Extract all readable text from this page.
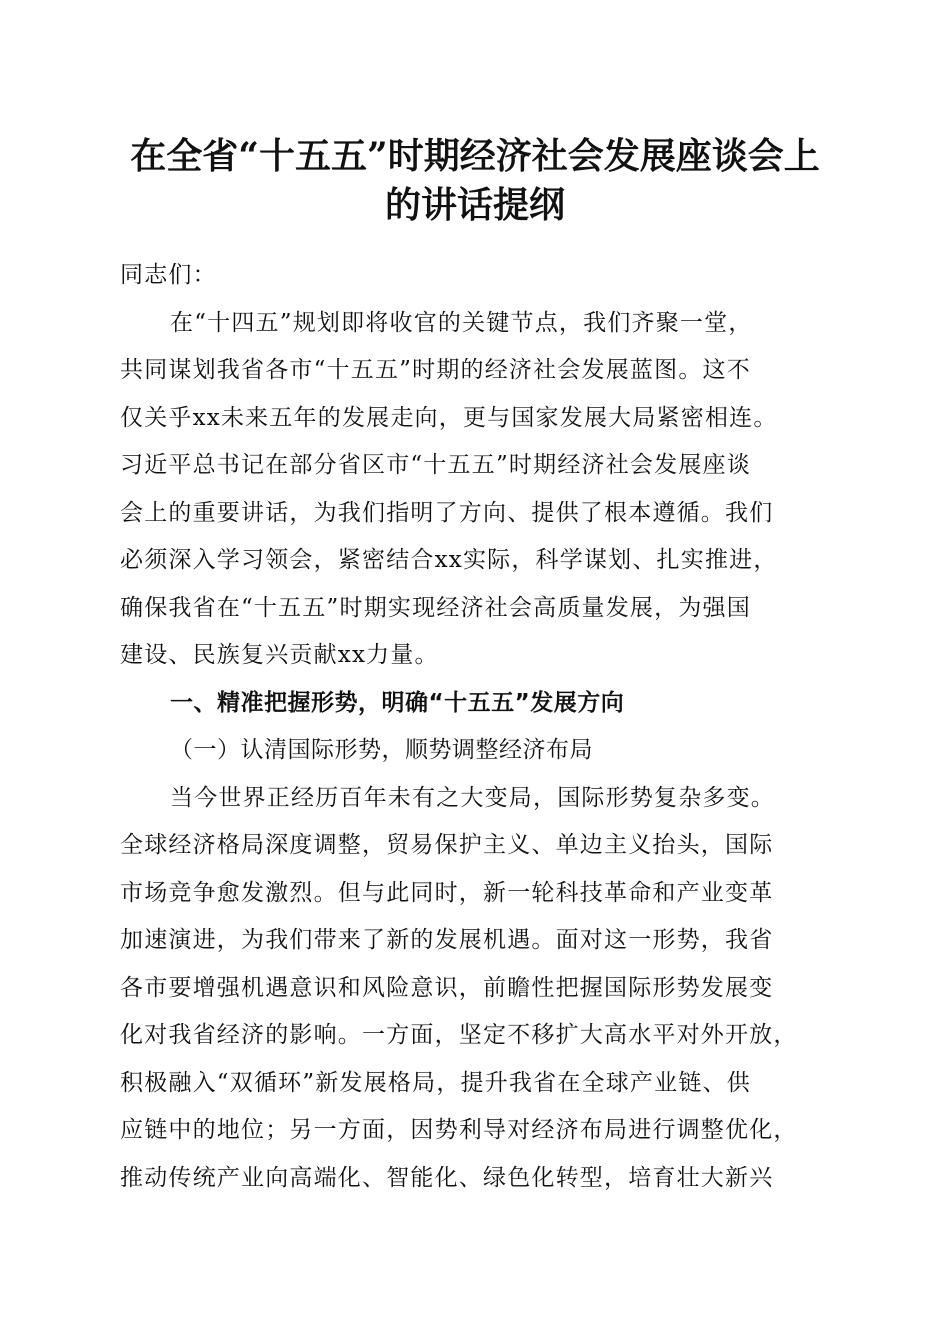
在全省“十五五”时期经济社会发展座谈会上
的讲话提纲

同志们：

在“十四五”规划即将收官的关键节点，我们齐聚一堂，

共同谋划我省各市“十五五”时期的经济社会发展蓝图。这不

仅关乎xx未来五年的发展走向，更与国家发展大局紧密相连。

习近平总书记在部分省区市“十五五”时期经济社会发展座谈

会上的重要讲话，为我们指明了方向、提供了根本遵循。我们

必须深入学习领会，紧密结合xx实际，科学谋划、扎实推进，

确保我省在“十五五”时期实现经济社会高质量发展，为强国

建设、民族复兴贡献xx力量。

一、精准把握形势，明确“十五五”发展方向

（一）认清国际形势，顺势调整经济布局

当今世界正经历百年未有之大变局，国际形势复杂多变。

全球经济格局深度调整，贸易保护主义、单边主义抬头，国际

市场竞争愈发激烈。但与此同时，新一轮科技革命和产业变革

加速演进，为我们带来了新的发展机遇。面对这一形势，我省

各市要增强机遇意识和风险意识，前瞻性把握国际形势发展变

化对我省经济的影响。一方面，坚定不移扩大高水平对外开放，

积极融入“双循环”新发展格局，提升我省在全球产业链、供

应链中的地位；另一方面，因势利导对经济布局进行调整优化，

推动传统产业向高端化、智能化、绿色化转型，培育壮大新兴
